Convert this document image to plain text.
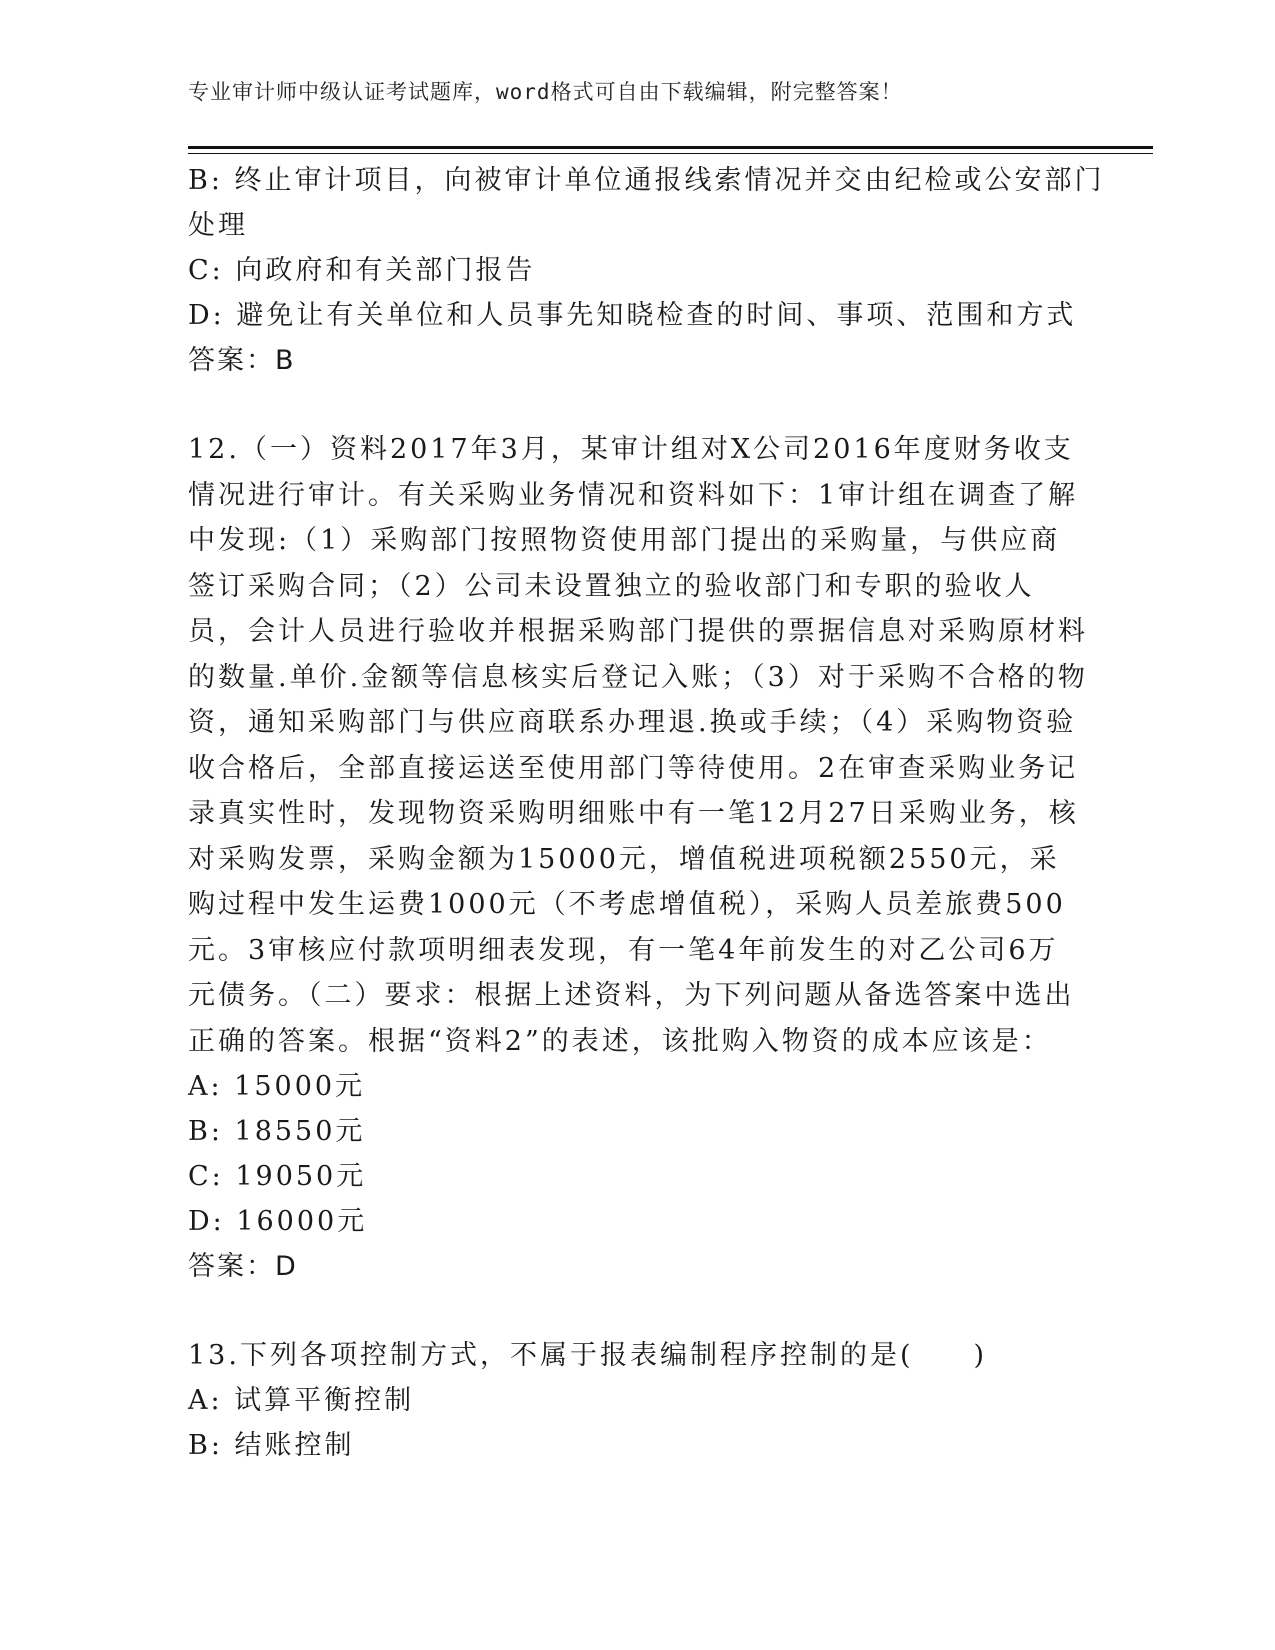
专业审计师中级认证考试题库，word格式可自由下载编辑，附完整答案！
B: 终止审计项目，向被审计单位通报线索情况并交由纪检或公安部门
处理
C: 向政府和有关部门报告
D: 避免让有关单位和人员事先知晓检查的时间、事项、范围和方式
答案：B
12.（一）资料2017年3月，某审计组对X公司2016年度财务收支情况进行审计。有关采购业务情况和资料如下：1审计组在调查了解中发现:（1）采购部门按照物资使用部门提出的采购量，与供应商签订采购合同；（2）公司未设置独立的验收部门和专职的验收人员，会计人员进行验收并根据采购部门提供的票据信息对采购原材料的数量.单价.金额等信息核实后登记入账；（3）对于采购不合格的物资，通知采购部门与供应商联系办理退.换或手续；（4）采购物资验收合格后，全部直接运送至使用部门等待使用。2在审查采购业务记录真实性时，发现物资采购明细账中有一笔12月27日采购业务，核对采购发票，采购金额为15000元，增值税进项税额2550元，采购过程中发生运费1000元（不考虑增值税），采购人员差旅费500元。3审核应付款项明细表发现，有一笔4年前发生的对乙公司6万元债务。（二）要求：根据上述资料，为下列问题从备选答案中选出正确的答案。根据“资料2”的表述，该批购入物资的成本应该是：
A: 15000元
B: 18550元
C: 19050元
D: 16000元
答案：D
13.下列各项控制方式，不属于报表编制程序控制的是(　　)
A: 试算平衡控制
B: 结账控制
